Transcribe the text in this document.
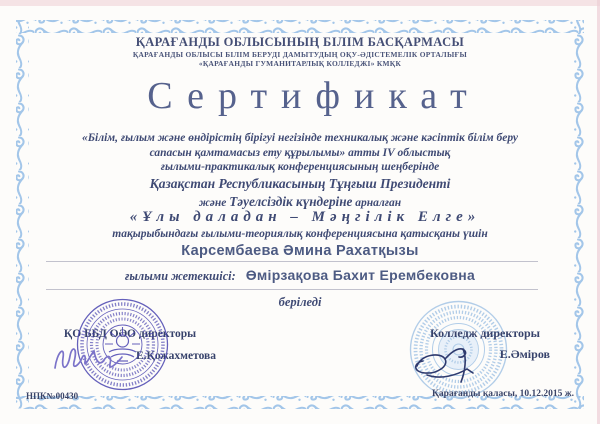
ҚАРАҒАНДЫ ОБЛЫСЫНЫҢ БІЛІМ БАСҚАРМАСЫ
ҚАРАҒАНДЫ ОБЛЫСЫ БІЛІМ БЕРУДІ ДАМЫТУДЫҢ ОҚУ-ӘДІСТЕМЕЛІК ОРТАЛЫҒЫ
«ҚАРАҒАНДЫ ГУМАНИТАРЛЫҚ КОЛЛЕДЖІ» КМҚК
Сертификат
«Білім, ғылым және өндірістің бірігуі негізінде техникалық және кәсіптік білім беру
сапасын қамтамасыз ету құрылымы» атты IV облыстық
ғылыми-практикалық конференциясының шеңберінде
Қазақстан Республикасының Тұңғыш Президенті
және Тәуелсіздік күндеріне арналған
«Ұлы даладан – Мәңгілік Елге»
тақырыбындағы ғылыми-теориялық конференциясына қатысқаны үшін
Карсембаева Әмина Рахатқызы
ғылыми жетекшісі: Өмірзақова Бахит Ерембековна
беріледі
ҚО ББД ОӘО директоры
Е.Қожахметова
Колледж директоры
Е.Әміров
НПК№00430	Қарағанды қаласы, 10.12.2015 ж.
